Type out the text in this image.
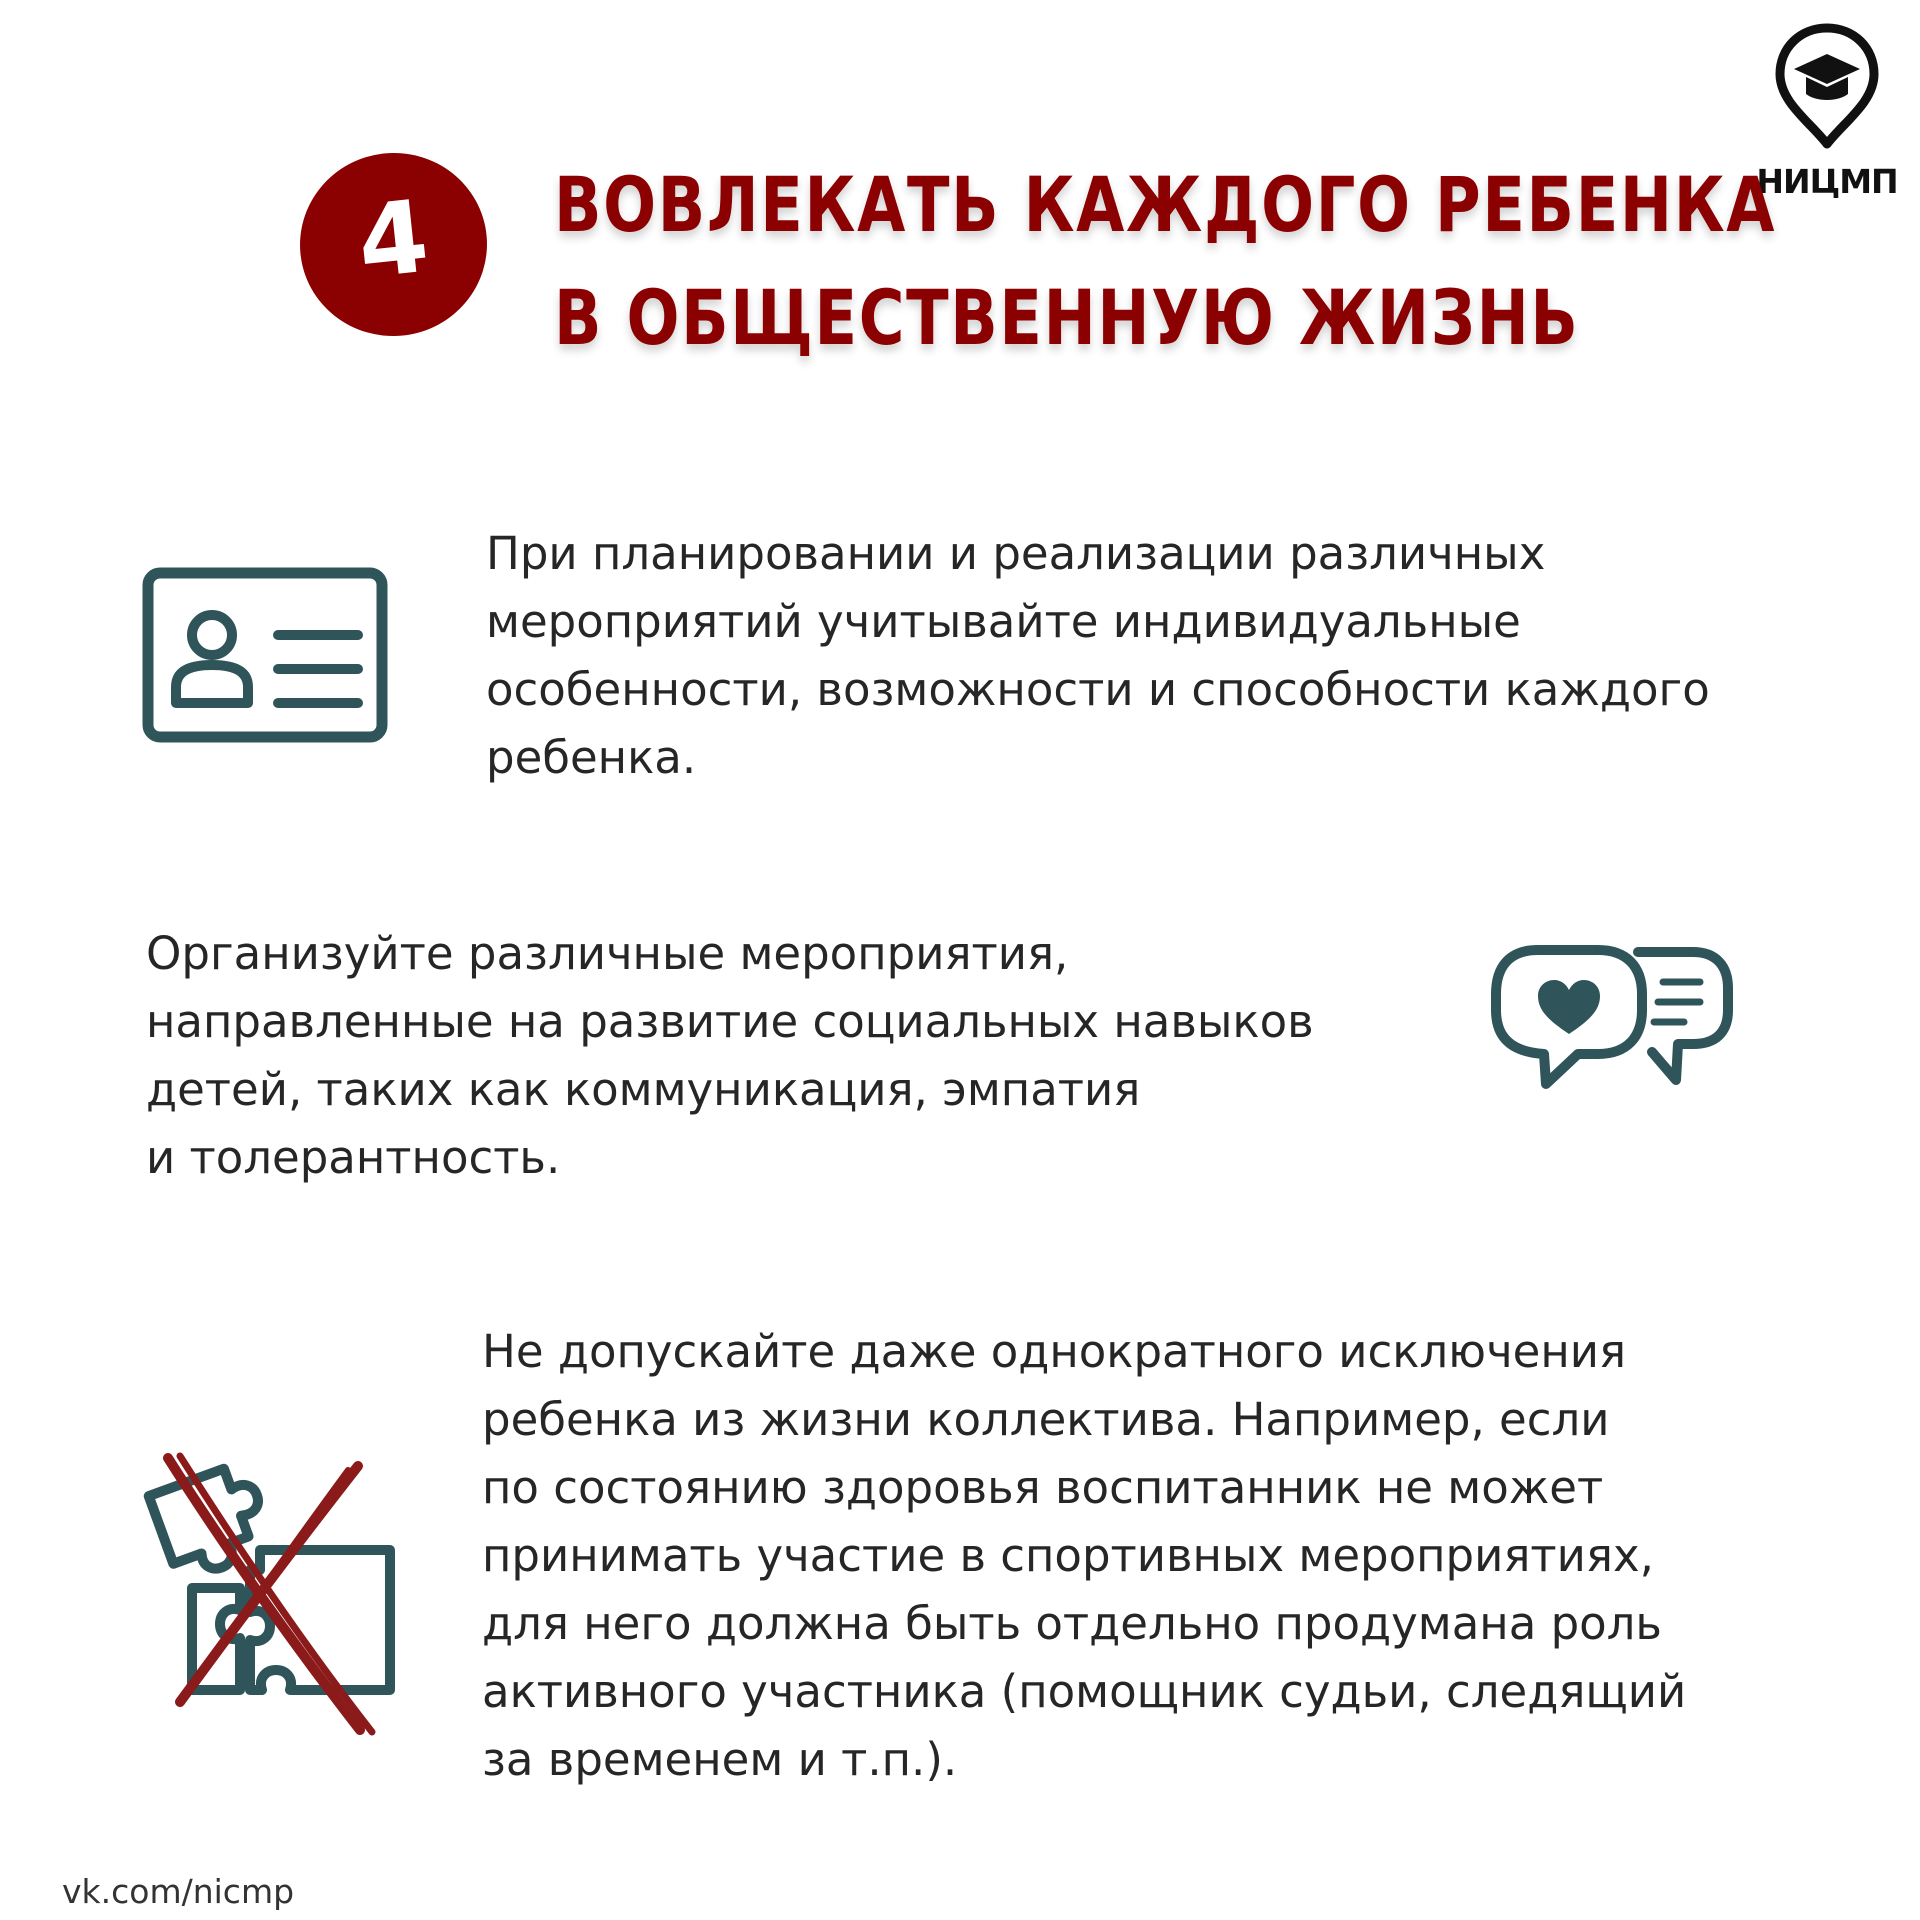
НИЦМП
4	ВОВЛЕКАТЬ КАЖДОГО РЕБЕНКА
В ОБЩЕСТВЕННУЮ ЖИЗНЬ
При планировании и реализации различных
мероприятий учитывайте индивидуальные
особенности, возможности и способности каждого
ребенка.
Организуйте различные мероприятия,
направленные на развитие социальных навыков
детей, таких как коммуникация, эмпатия
и толерантность.
Не допускайте даже однократного исключения
ребенка из жизни коллектива. Например, если
по состоянию здоровья воспитанник не может
принимать участие в спортивных мероприятиях,
для него должна быть отдельно продумана роль
активного участника (помощник судьи, следящий
за временем и т.п.).
vk.com/nicmp
